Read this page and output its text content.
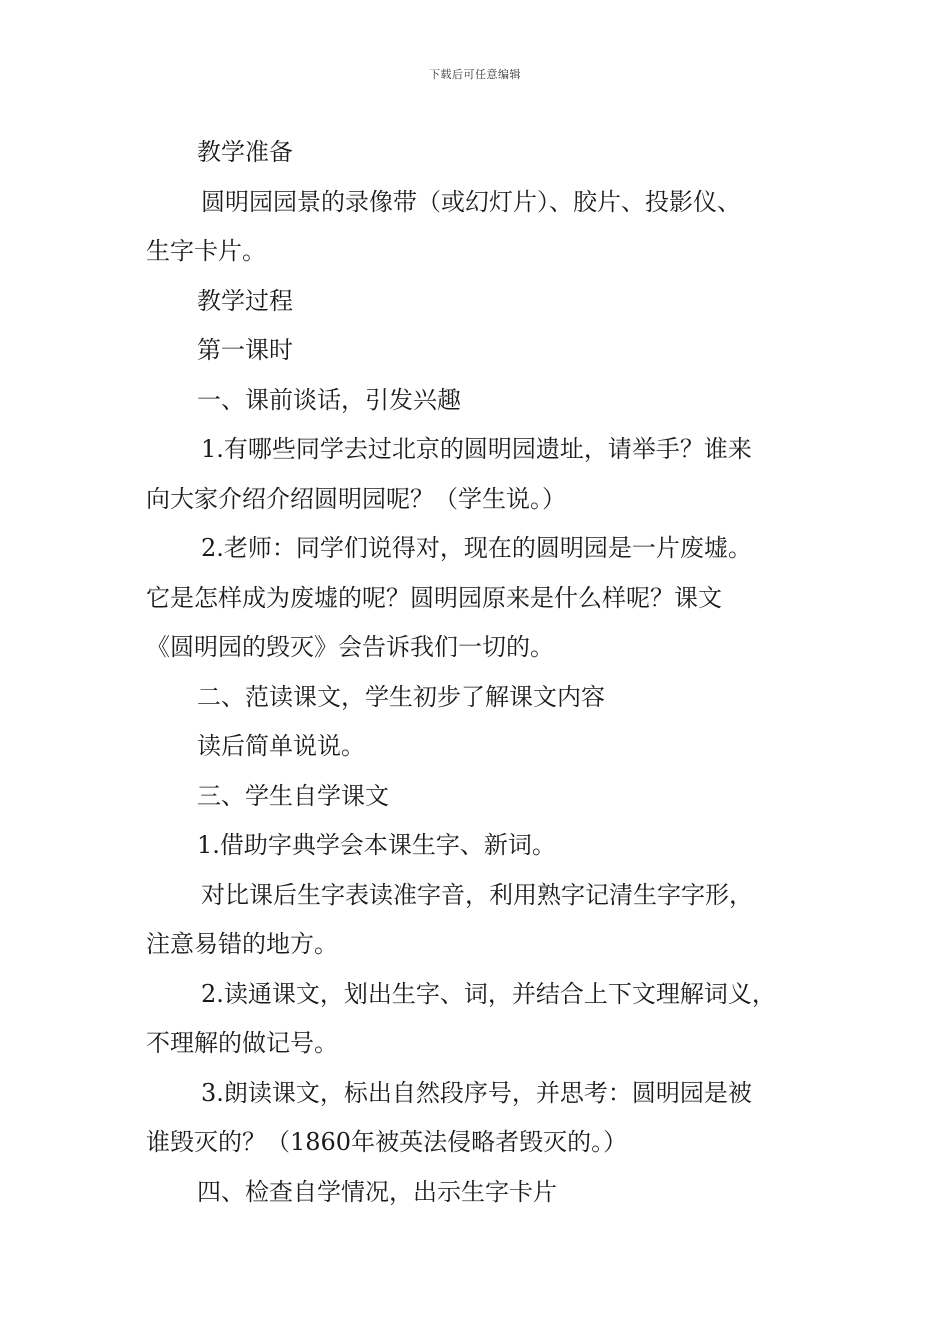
下载后可任意编辑
教学准备
圆明园园景的录像带（或幻灯片）、胶片、投影仪、
生字卡片。
教学过程
第一课时
一、课前谈话，引发兴趣
1.有哪些同学去过北京的圆明园遗址，请举手？谁来
向大家介绍介绍圆明园呢？（学生说。）
2.老师：同学们说得对，现在的圆明园是一片废墟。
它是怎样成为废墟的呢？圆明园原来是什么样呢？课文
《圆明园的毁灭》会告诉我们一切的。
二、范读课文，学生初步了解课文内容
读后简单说说。
三、学生自学课文
1.借助字典学会本课生字、新词。
对比课后生字表读准字音，利用熟字记清生字字形，
注意易错的地方。
2.读通课文，划出生字、词，并结合上下文理解词义，
不理解的做记号。
3.朗读课文，标出自然段序号，并思考：圆明园是被
谁毁灭的？（1860年被英法侵略者毁灭的。）
四、检查自学情况，出示生字卡片
